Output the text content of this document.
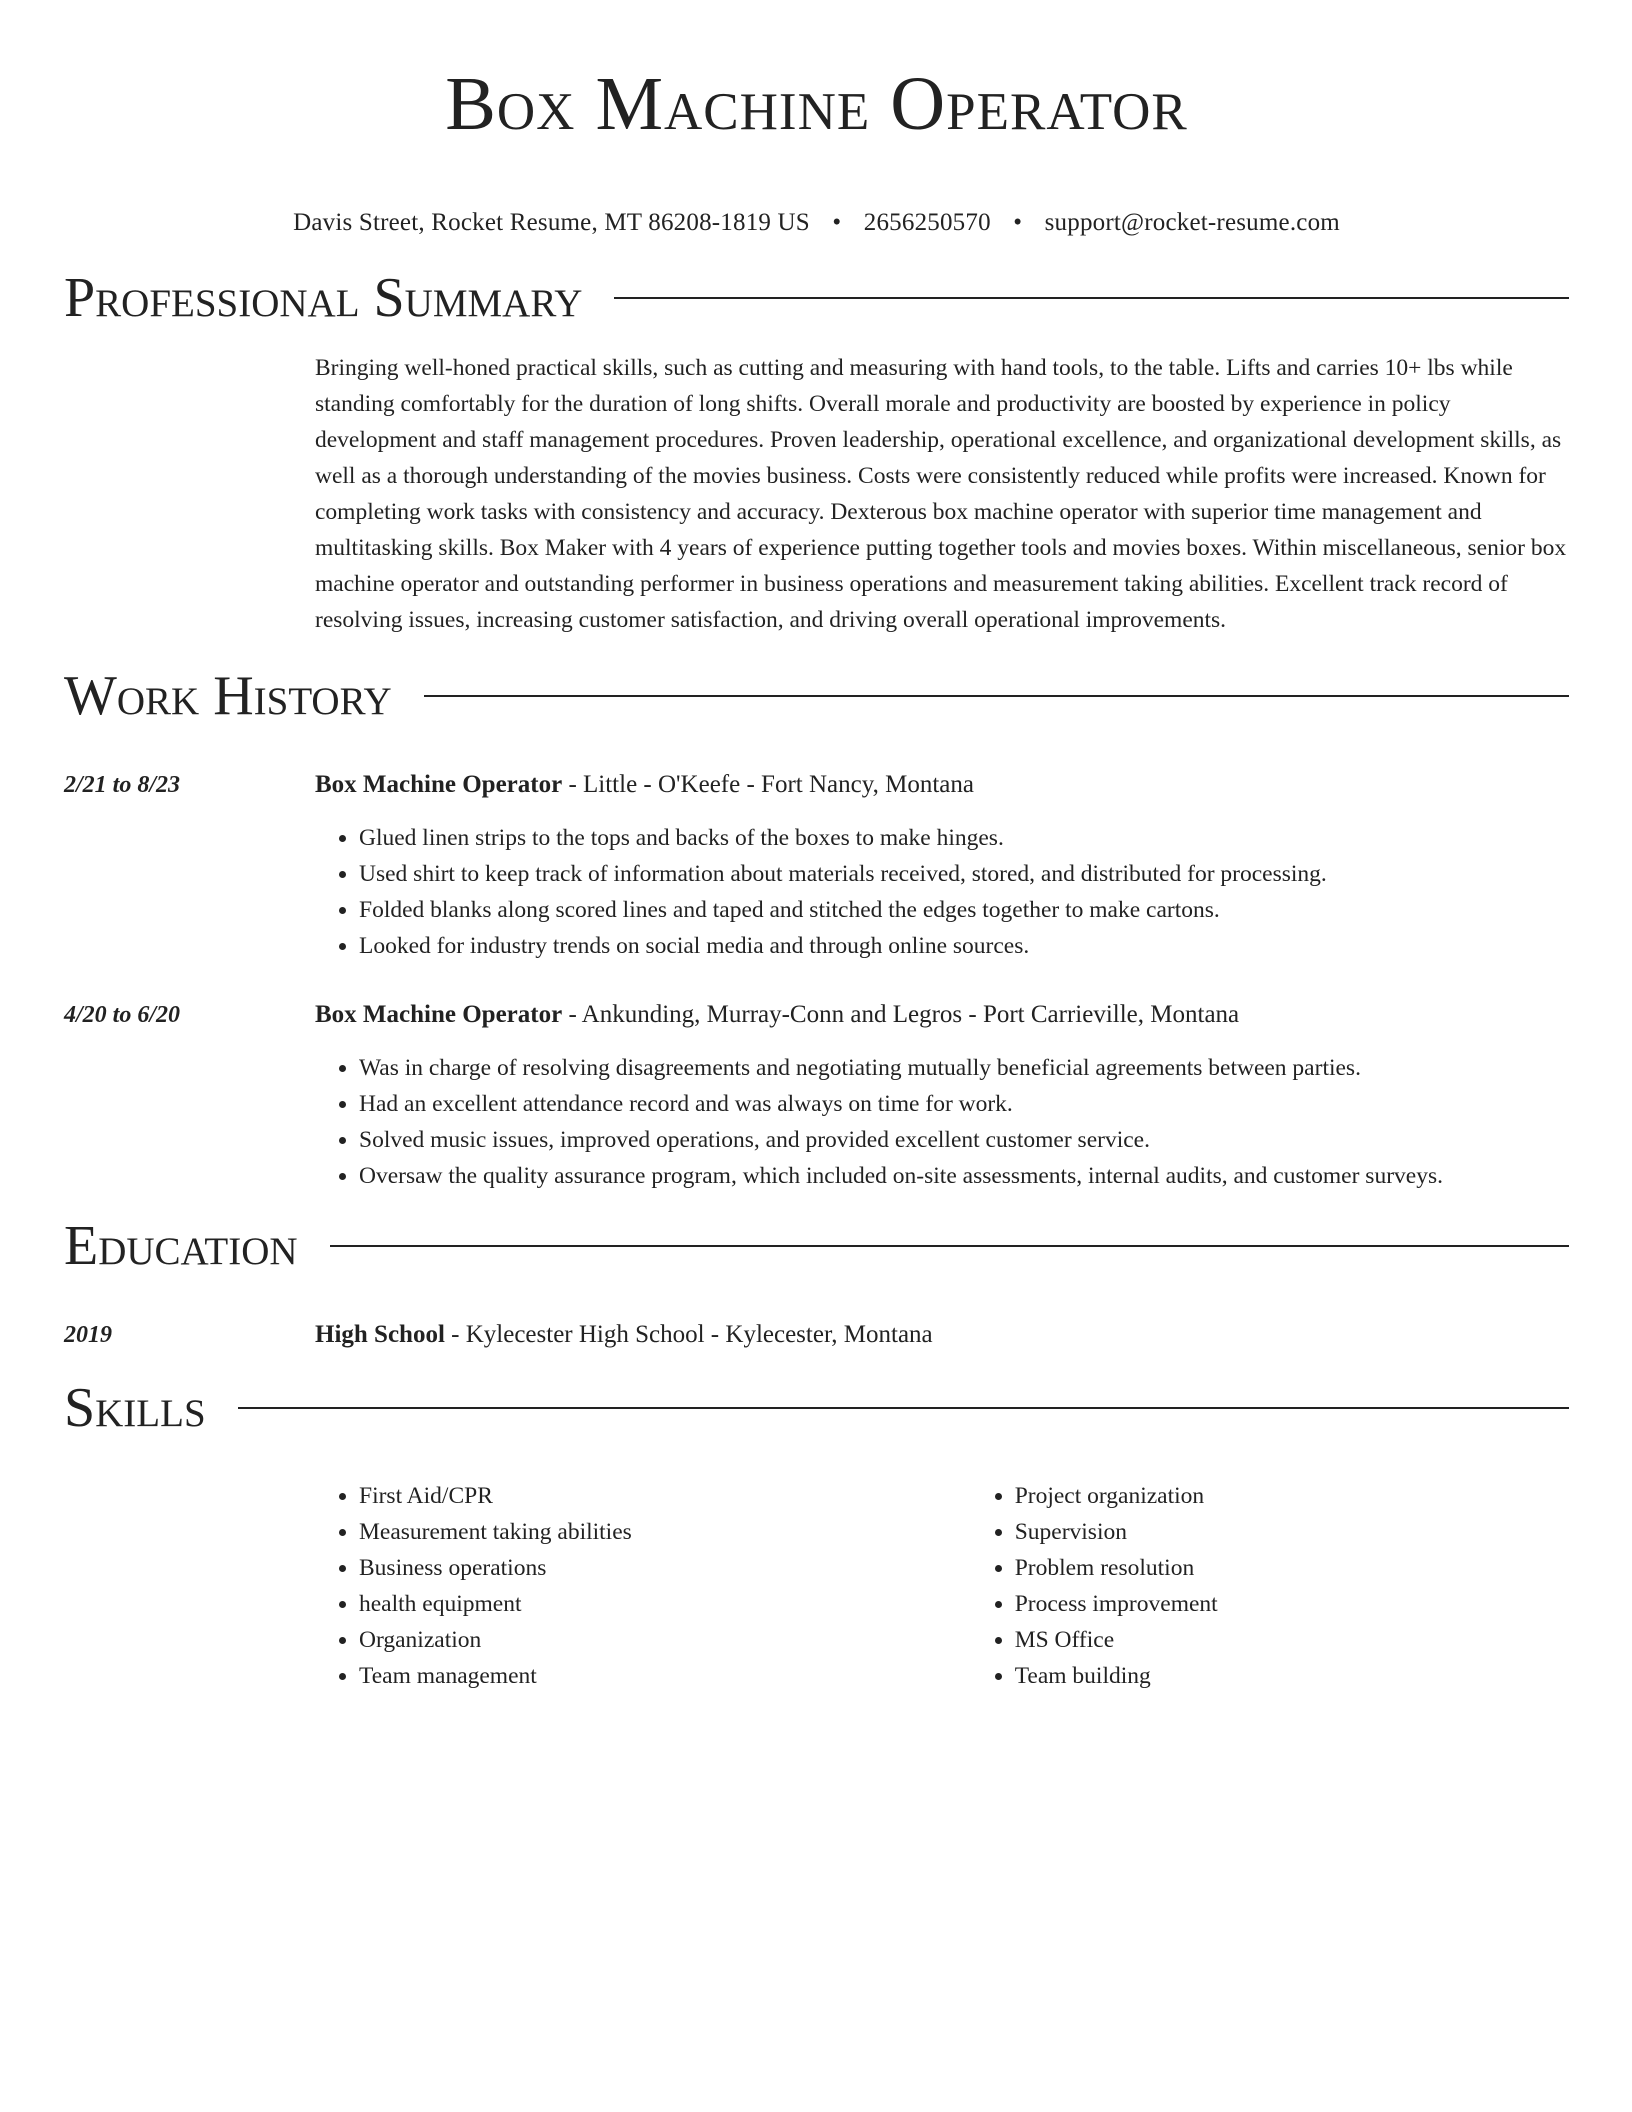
Box Machine Operator
Davis Street, Rocket Resume, MT 86208-1819 US • 2656250570 • support@rocket-resume.com
Professional Summary
Bringing well-honed practical skills, such as cutting and measuring with hand tools, to the table. Lifts and carries 10+ lbs while standing comfortably for the duration of long shifts. Overall morale and productivity are boosted by experience in policy development and staff management procedures. Proven leadership, operational excellence, and organizational development skills, as well as a thorough understanding of the movies business. Costs were consistently reduced while profits were increased. Known for completing work tasks with consistency and accuracy. Dexterous box machine operator with superior time management and multitasking skills. Box Maker with 4 years of experience putting together tools and movies boxes. Within miscellaneous, senior box machine operator and outstanding performer in business operations and measurement taking abilities. Excellent track record of resolving issues, increasing customer satisfaction, and driving overall operational improvements.
Work History
2/21 to 8/23	Box Machine Operator - Little - O'Keefe - Fort Nancy, Montana
• Glued linen strips to the tops and backs of the boxes to make hinges.
• Used shirt to keep track of information about materials received, stored, and distributed for processing.
• Folded blanks along scored lines and taped and stitched the edges together to make cartons.
• Looked for industry trends on social media and through online sources.
4/20 to 6/20	Box Machine Operator - Ankunding, Murray-Conn and Legros - Port Carrieville, Montana
• Was in charge of resolving disagreements and negotiating mutually beneficial agreements between parties.
• Had an excellent attendance record and was always on time for work.
• Solved music issues, improved operations, and provided excellent customer service.
• Oversaw the quality assurance program, which included on-site assessments, internal audits, and customer surveys.
Education
2019	High School - Kylecester High School - Kylecester, Montana
Skills
• First Aid/CPR
• Measurement taking abilities
• Business operations
• health equipment
• Organization
• Team management
• Project organization
• Supervision
• Problem resolution
• Process improvement
• MS Office
• Team building
